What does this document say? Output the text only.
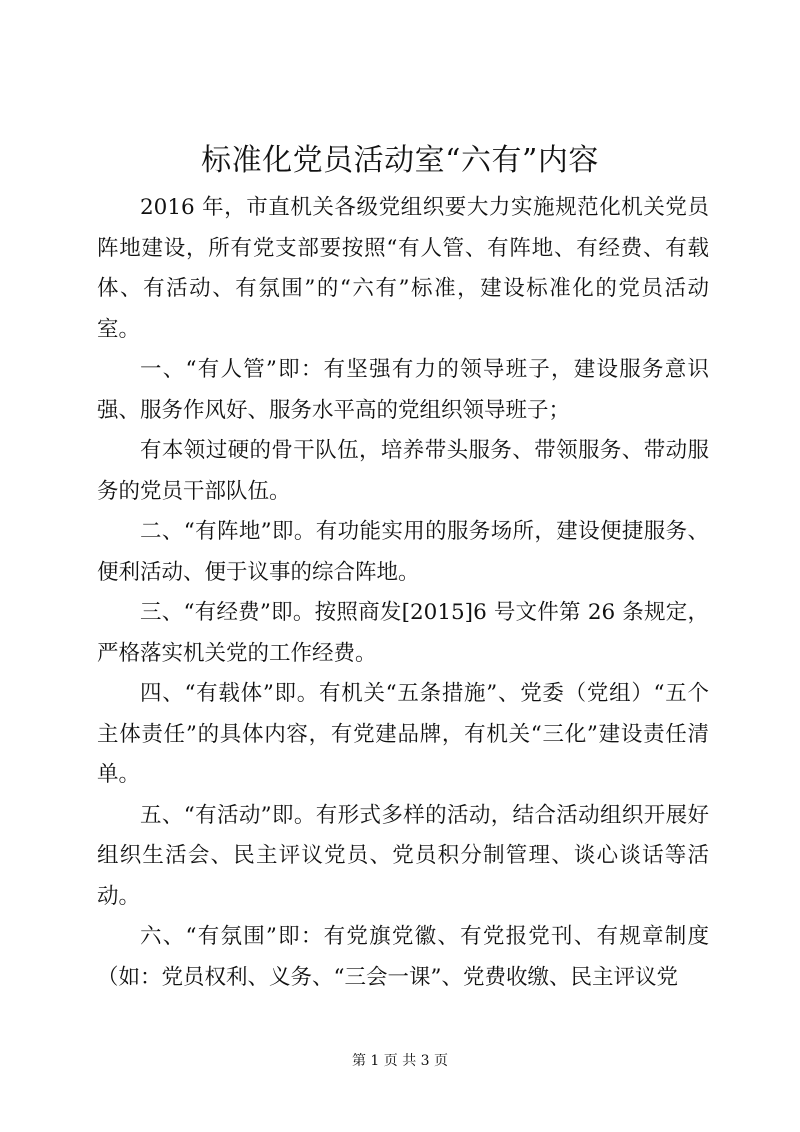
标准化党员活动室“六有”内容

2016 年，市直机关各级党组织要大力实施规范化机关党员阵地建设，所有党支部要按照“有人管、有阵地、有经费、有载体、有活动、有氛围”的“六有”标准，建设标准化的党员活动室。

一、“有人管”即：有坚强有力的领导班子，建设服务意识强、服务作风好、服务水平高的党组织领导班子；

有本领过硬的骨干队伍，培养带头服务、带领服务、带动服务的党员干部队伍。

二、“有阵地”即。有功能实用的服务场所，建设便捷服务、便利活动、便于议事的综合阵地。

三、“有经费”即。按照商发[2015]6 号文件第 26 条规定，严格落实机关党的工作经费。

四、“有载体”即。有机关“五条措施”、党委（党组）“五个主体责任”的具体内容，有党建品牌，有机关“三化”建设责任清单。

五、“有活动”即。有形式多样的活动，结合活动组织开展好组织生活会、民主评议党员、党员积分制管理、谈心谈话等活动。

六、“有氛围”即：有党旗党徽、有党报党刊、有规章制度（如：党员权利、义务、“三会一课”、党费收缴、民主评议党

第 1 页 共 3 页
